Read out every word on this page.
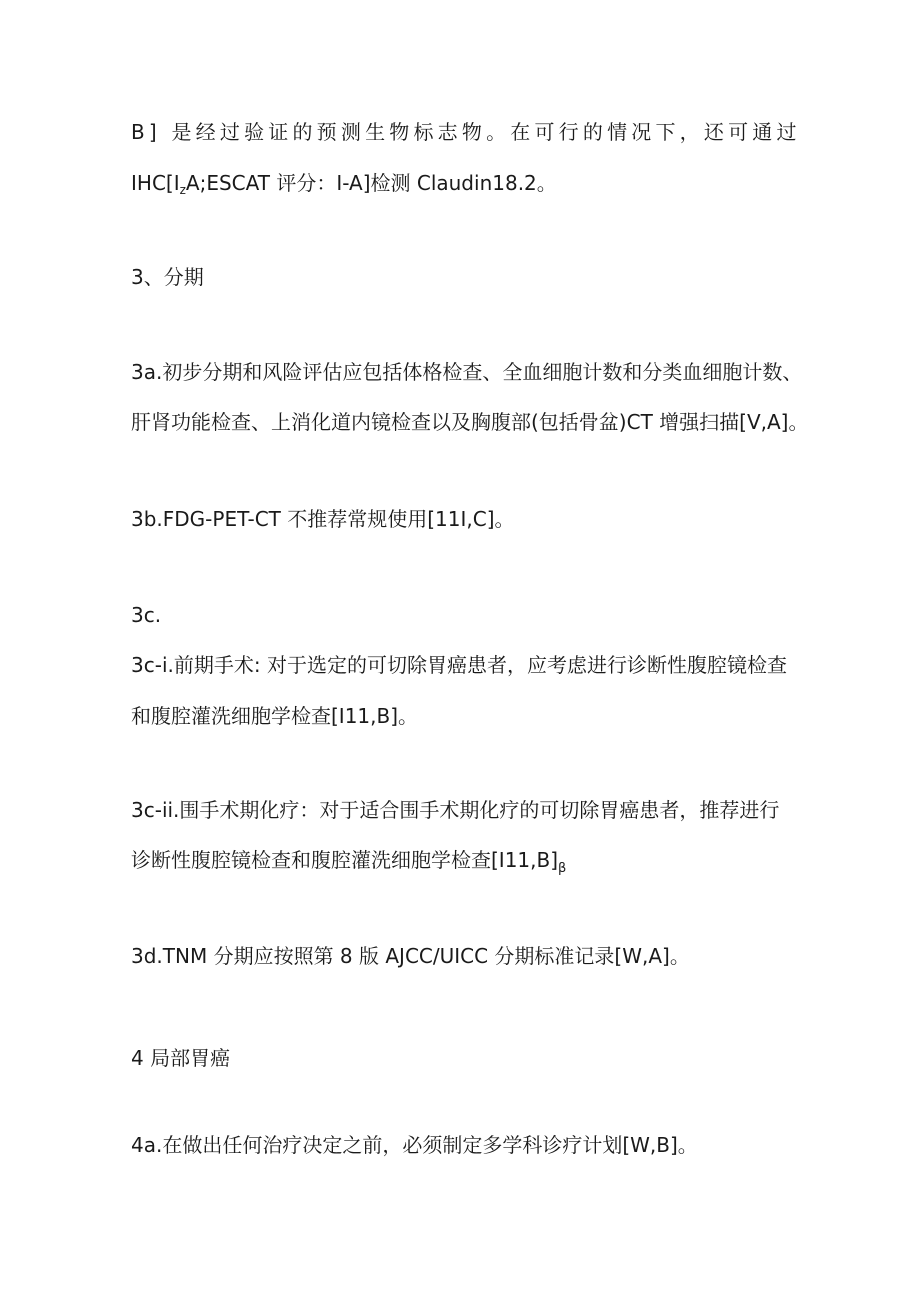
B] 是经过验证的预测生物标志物。在可行的情况下，还可通过
$IHC[I_zA;ESCAT$ 评分：I-A]检测 Claudin18.2。
3、分期
3a.初步分期和风险评估应包括体格检查、全血细胞计数和分类血细胞计数、
肝肾功能检查、上消化道内镜检查以及胸腹部(包括骨盆)CT 增强扫描[V,A]。
3b.FDG-PET-CT 不推荐常规使用[11I,C]。
3c.
3c-i.前期手术: 对于选定的可切除胃癌患者，应考虑进行诊断性腹腔镜检查
和腹腔灌洗细胞学检查[I11,B]。
3c-ii.围手术期化疗：对于适合围手术期化疗的可切除胃癌患者，推荐进行
诊断性腹腔镜检查和腹腔灌洗细胞学检查$[I11,B]_\beta$
3d.TNM 分期应按照第 8 版 AJCC/UICC 分期标准记录[W,A]。
4 局部胃癌
4a.在做出任何治疗决定之前，必须制定多学科诊疗计划[W,B]。
